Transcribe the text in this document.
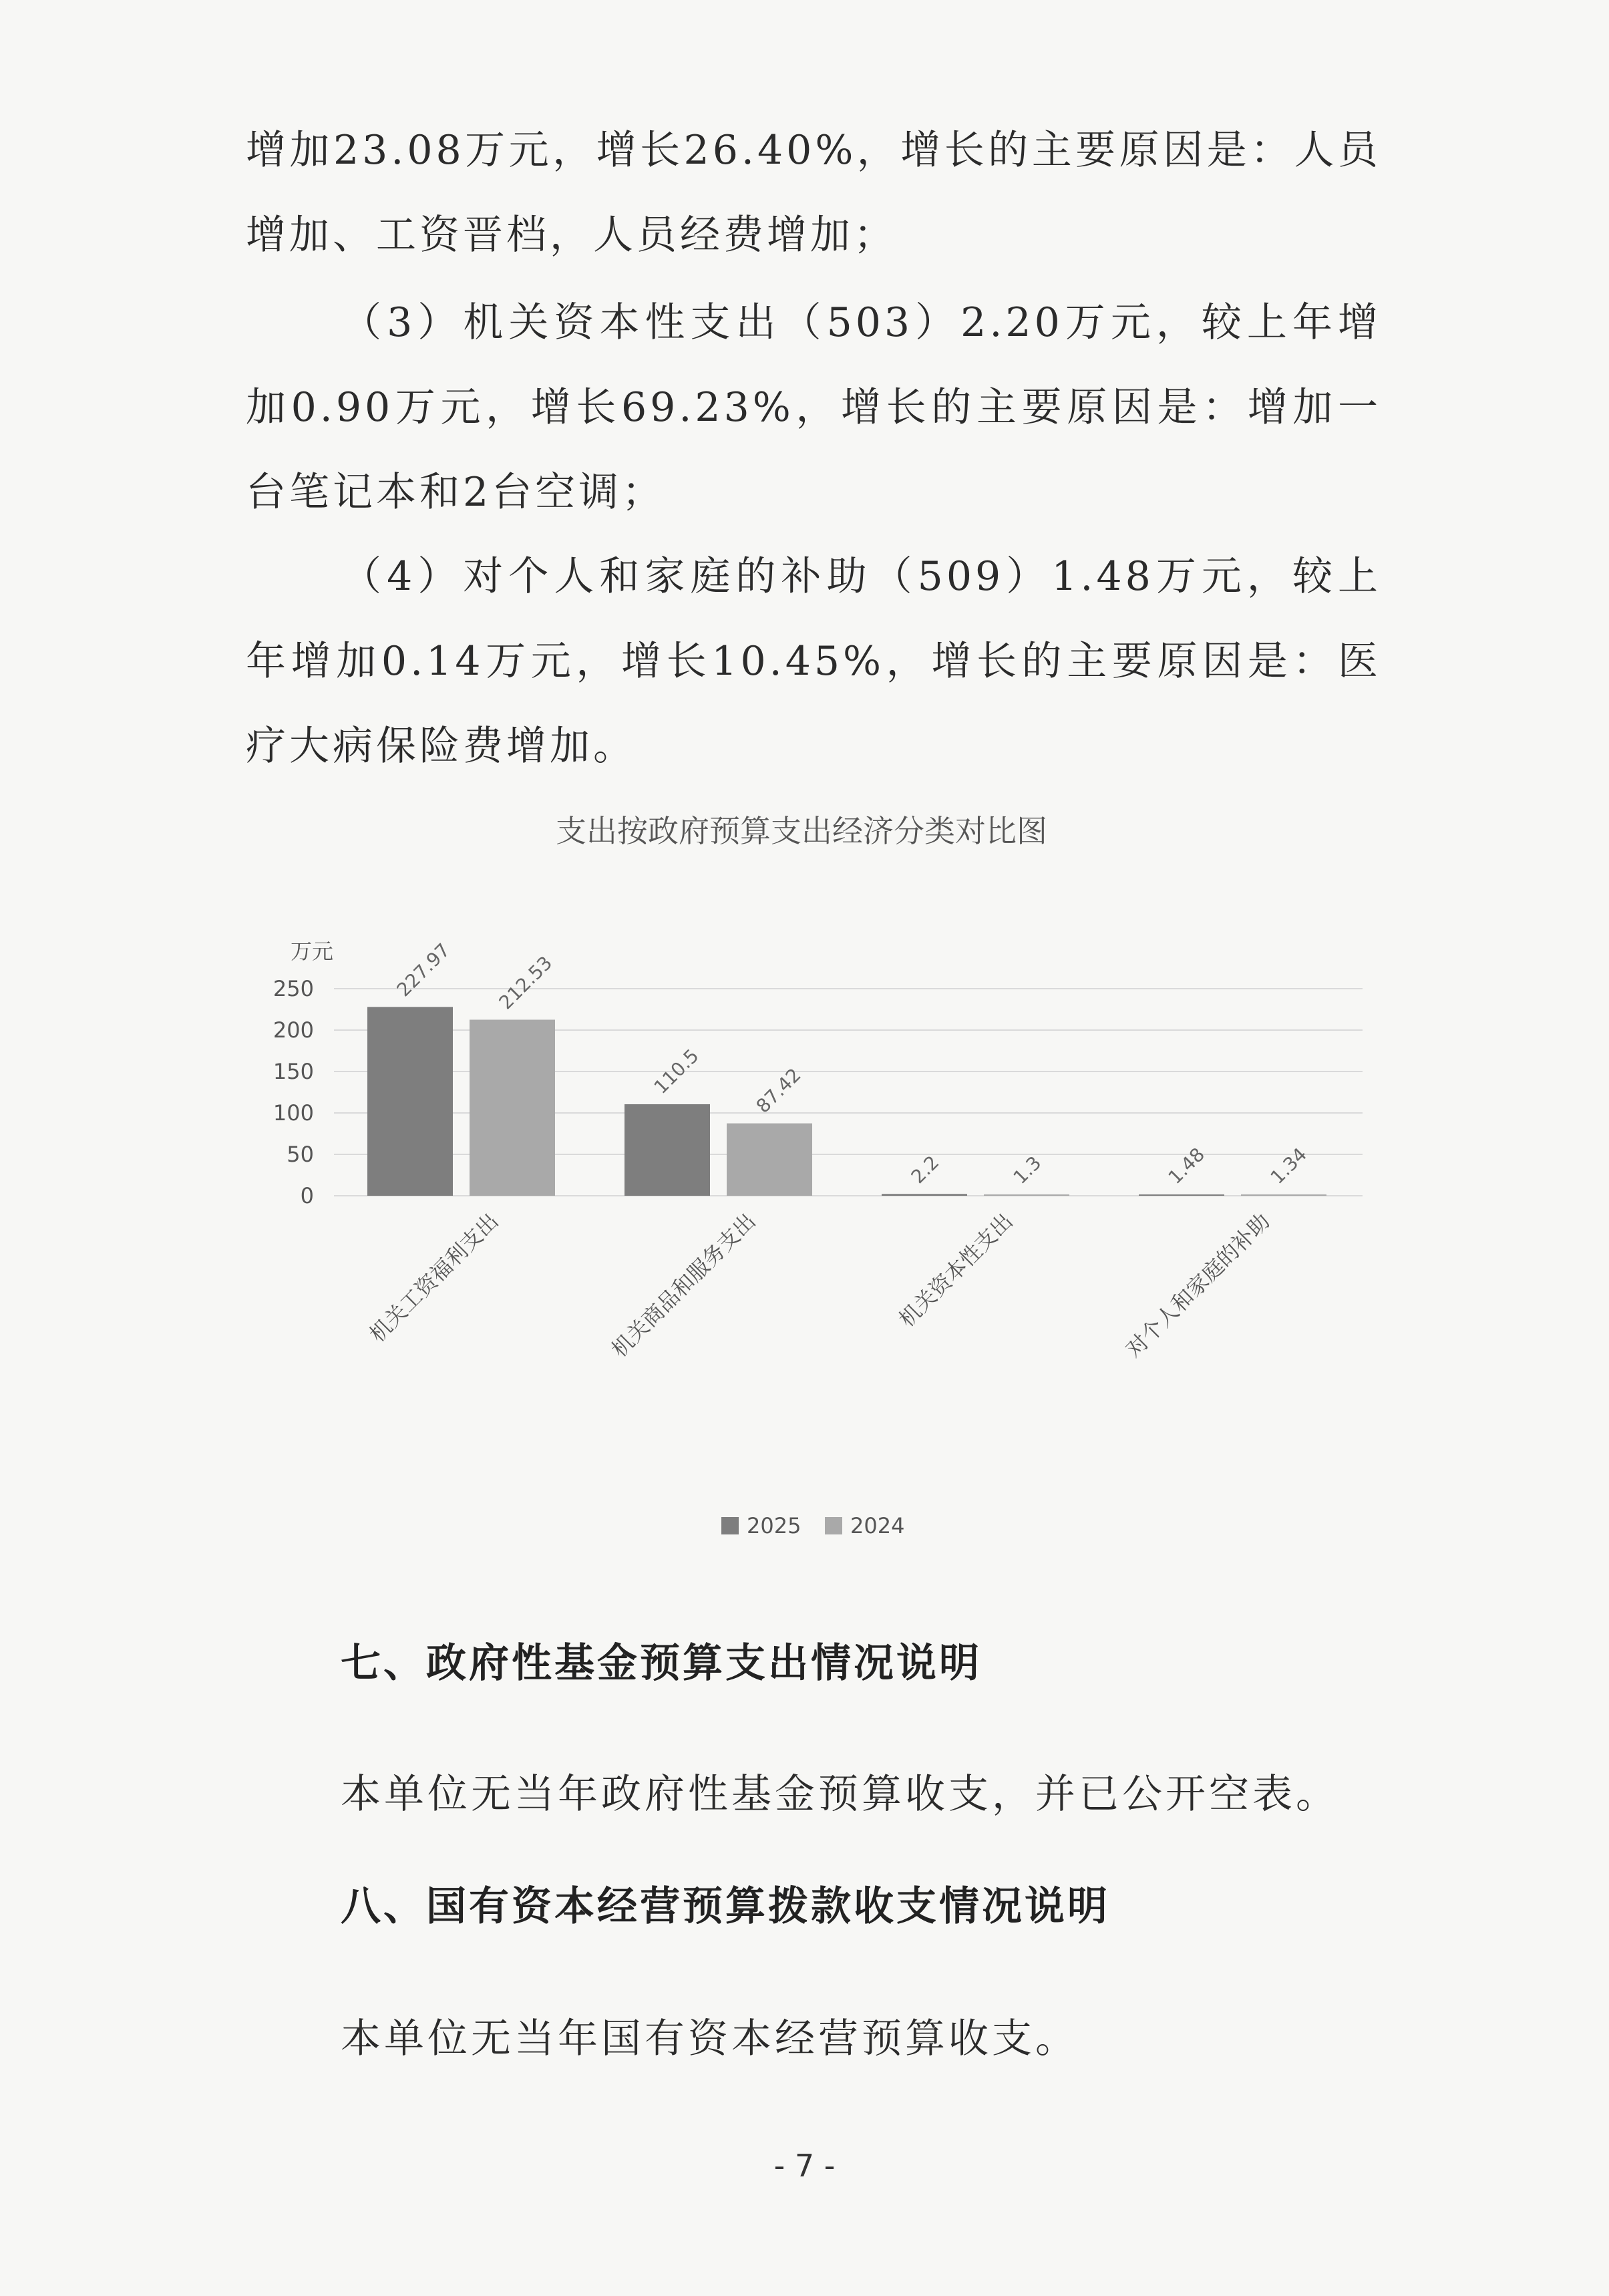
增加23.08万元，增长26.40%，增长的主要原因是：人员增加、工资晋档，人员经费增加；

（3）机关资本性支出（503）2.20万元，较上年增加0.90万元，增长69.23%，增长的主要原因是：增加一台笔记本和2台空调；

（4）对个人和家庭的补助（509）1.48万元，较上年增加0.14万元，增长10.45%，增长的主要原因是：医疗大病保险费增加。

支出按政府预算支出经济分类对比图
万元
0
50
100
150
200
250	227.97 212.53
机关工资福利支出
110.5	87.42
机关商品和服务支出
2.2	1.3
机关资本性支出
1.48	1.34
对个人和家庭的补助
2025 2024
七、政府性基金预算支出情况说明

本单位无当年政府性基金预算收支，并已公开空表。

八、国有资本经营预算拨款收支情况说明

本单位无当年国有资本经营预算收支。

- 7 -
